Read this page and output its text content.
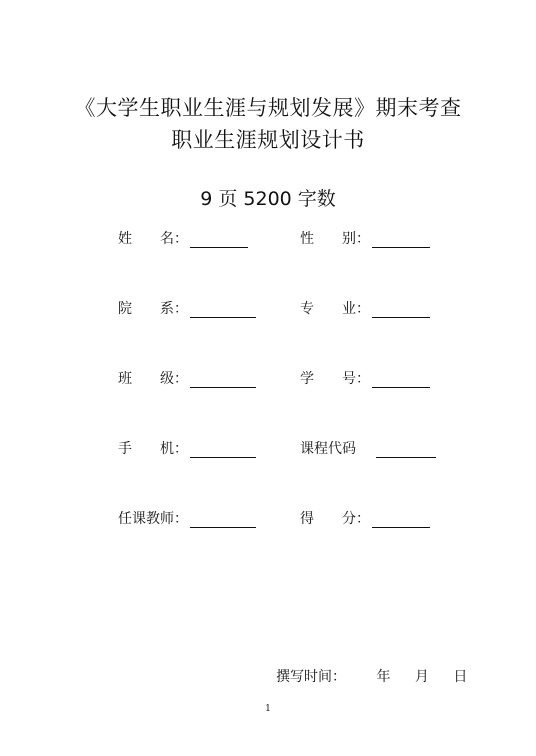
《大学生职业生涯与规划发展》期末考查
职业生涯规划设计书
9 页 5200 字数
姓　　名：	性　　别：
院　　系：	专　　业：
班　　级：	学　　号：
手　　机：	课程代码
任课教师：	得　　分：
撰写时间： 年 月 日
1
